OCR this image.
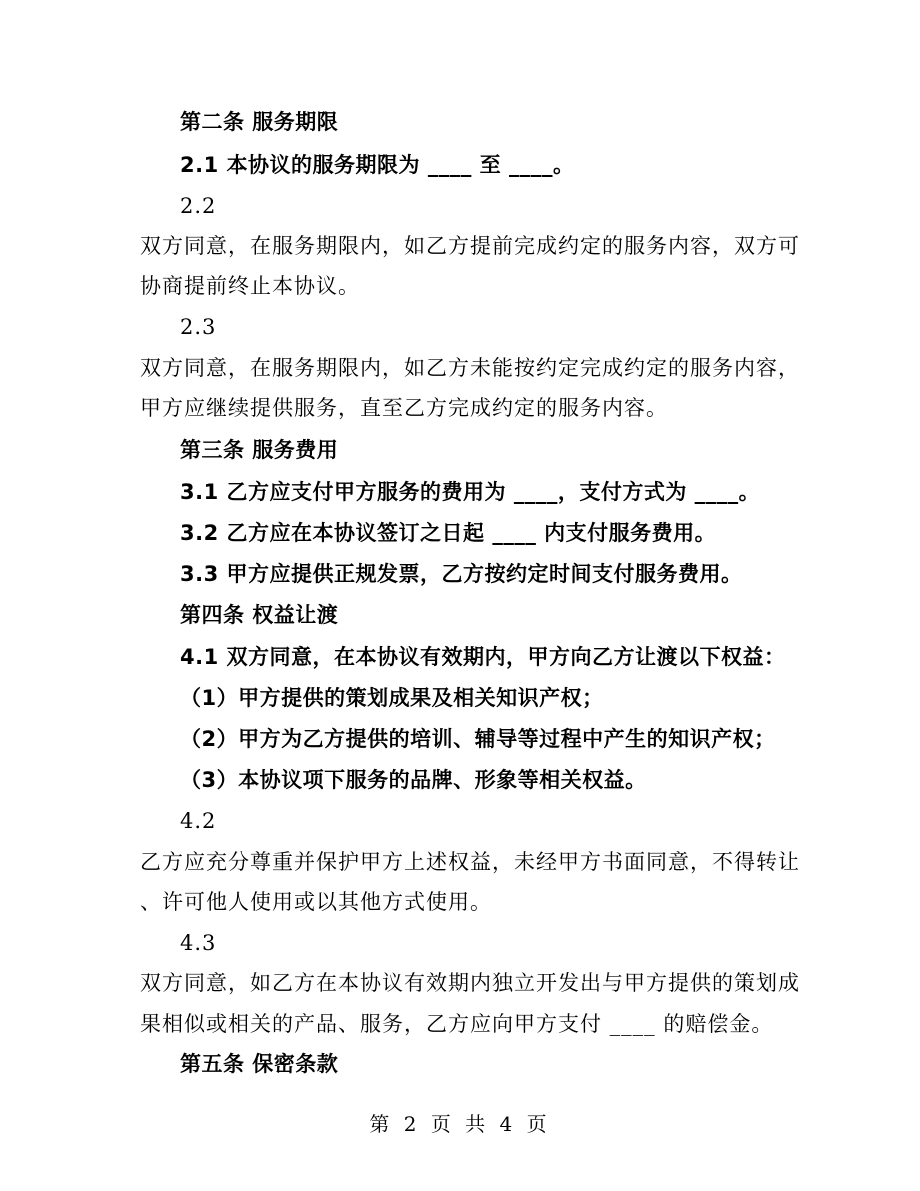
第二条 服务期限

2.1 本协议的服务期限为 ____ 至 ____。

2.2

双方同意，在服务期限内，如乙方提前完成约定的服务内容，双方可

协商提前终止本协议。

2.3

双方同意，在服务期限内，如乙方未能按约定完成约定的服务内容，

甲方应继续提供服务，直至乙方完成约定的服务内容。

第三条 服务费用

3.1 乙方应支付甲方服务的费用为 ____，支付方式为 ____。

3.2 乙方应在本协议签订之日起 ____ 内支付服务费用。

3.3 甲方应提供正规发票，乙方按约定时间支付服务费用。

第四条 权益让渡

4.1 双方同意，在本协议有效期内，甲方向乙方让渡以下权益：

（1）甲方提供的策划成果及相关知识产权；

（2）甲方为乙方提供的培训、辅导等过程中产生的知识产权；

（3）本协议项下服务的品牌、形象等相关权益。

4.2

乙方应充分尊重并保护甲方上述权益，未经甲方书面同意，不得转让

、许可他人使用或以其他方式使用。

4.3

双方同意，如乙方在本协议有效期内独立开发出与甲方提供的策划成

果相似或相关的产品、服务，乙方应向甲方支付 ____ 的赔偿金。

第五条 保密条款

第 2 页 共 4 页
